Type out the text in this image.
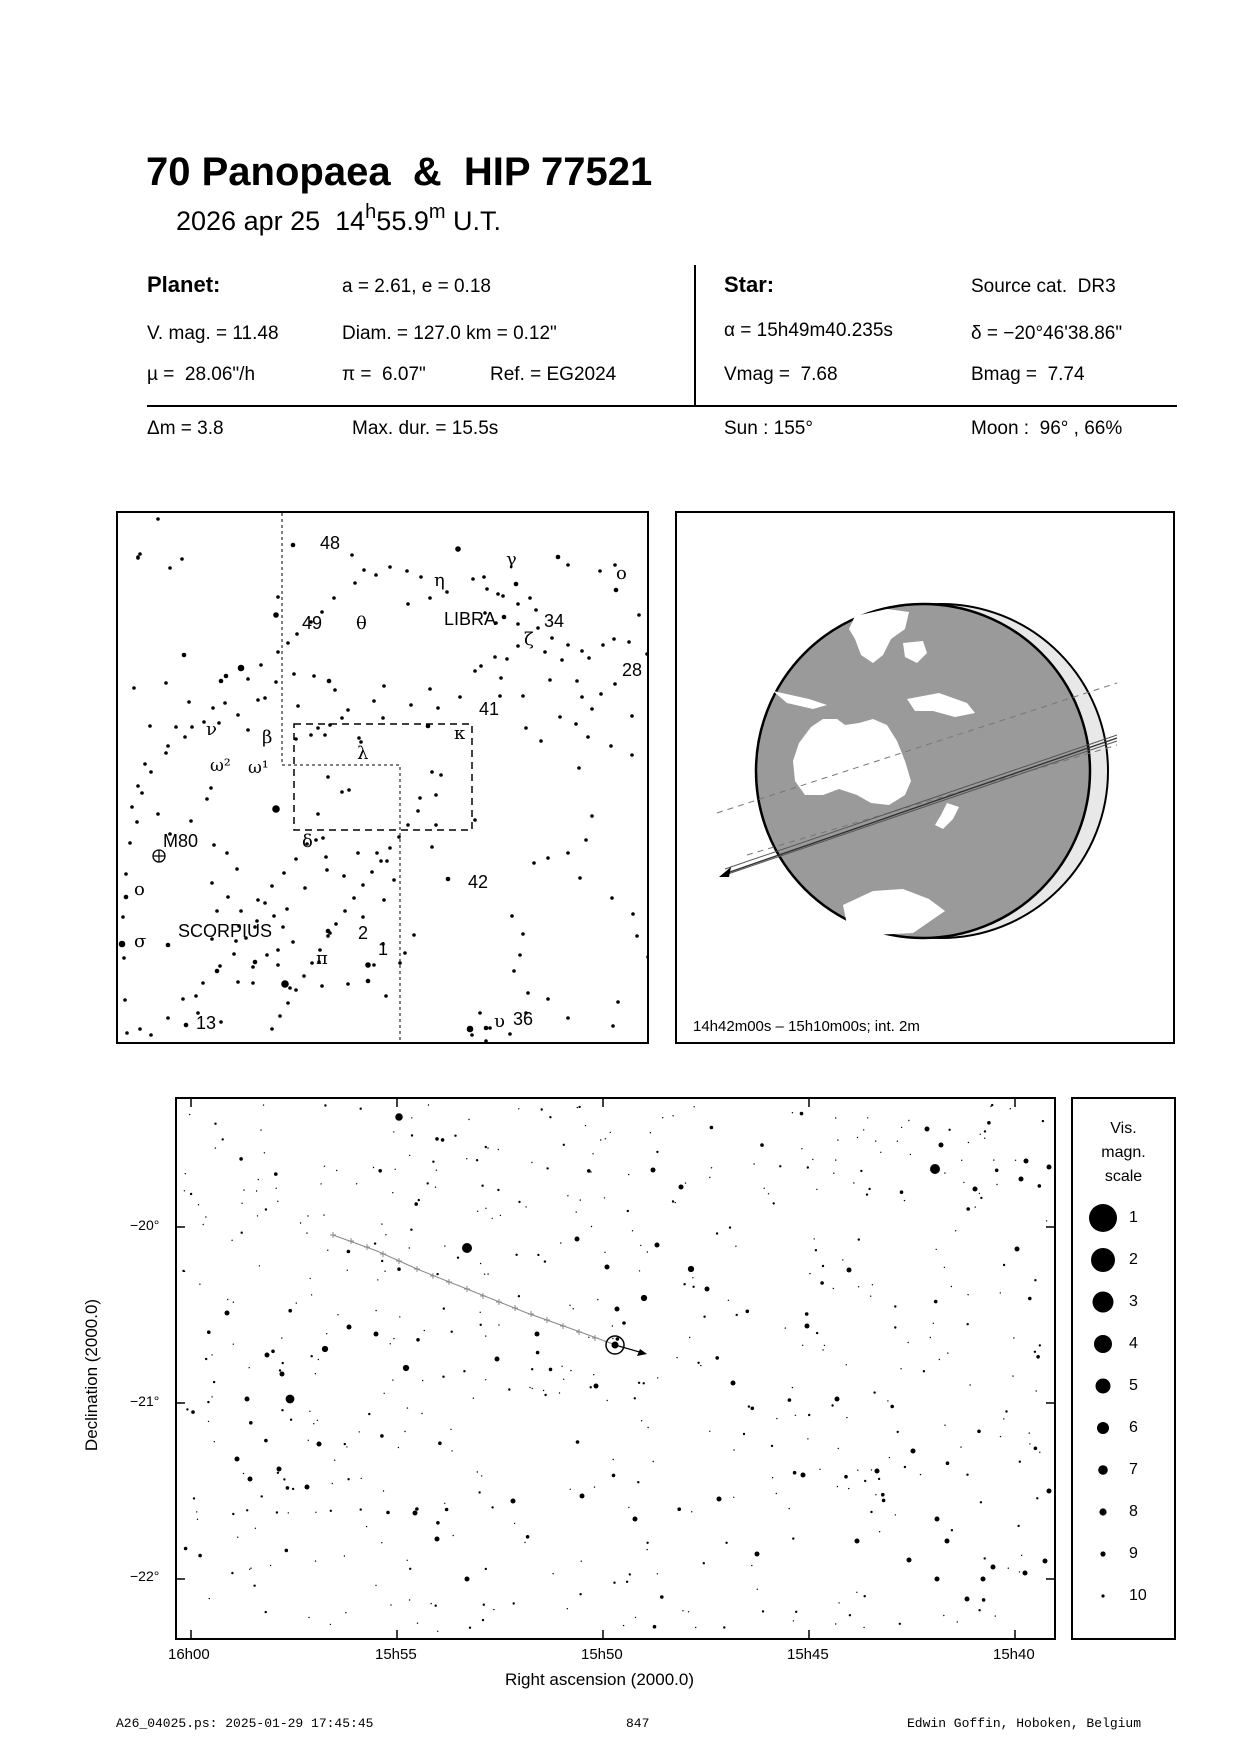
70 Panopaea  &  HIP 77521
2026 apr 25  14$^h$55.9$^m$ U.T.
Planet:	a = 2.61, e = 0.18
V. mag. = 11.48	Diam. = 127.0 km = 0.12"
µ =  28.06"/h	π =  6.07"	Ref. = EG2024
Star:	Source cat.  DR3
α = 15h49m40.235s	δ = −20°46'38.86"
Vmag =  7.68	Bmag =  7.74
Δm = 3.8	Max. dur. = 15.5s	Sun : 155°	Moon :  96° , 66%
48
γ
η	ο
49 θ	LIBRA
ζ
34
28
41
ν	β	κ
λ
ω² ω¹
M80	δ
ο	42
SCORPIUS	2
σ	1
π
13	υ 36	14h42m00s – 15h10m00s; int. 2m
Declination (2000.0)
−20°
−21°
−22°
16h00	15h55	15h50	15h45	15h40
Right ascension (2000.0)
Vis.
magn.
scale
1
2
3
4
5
6
7
8
9
10
A26_04025.ps: 2025-01-29 17:45:45	847	Edwin Goffin, Hoboken, Belgium
